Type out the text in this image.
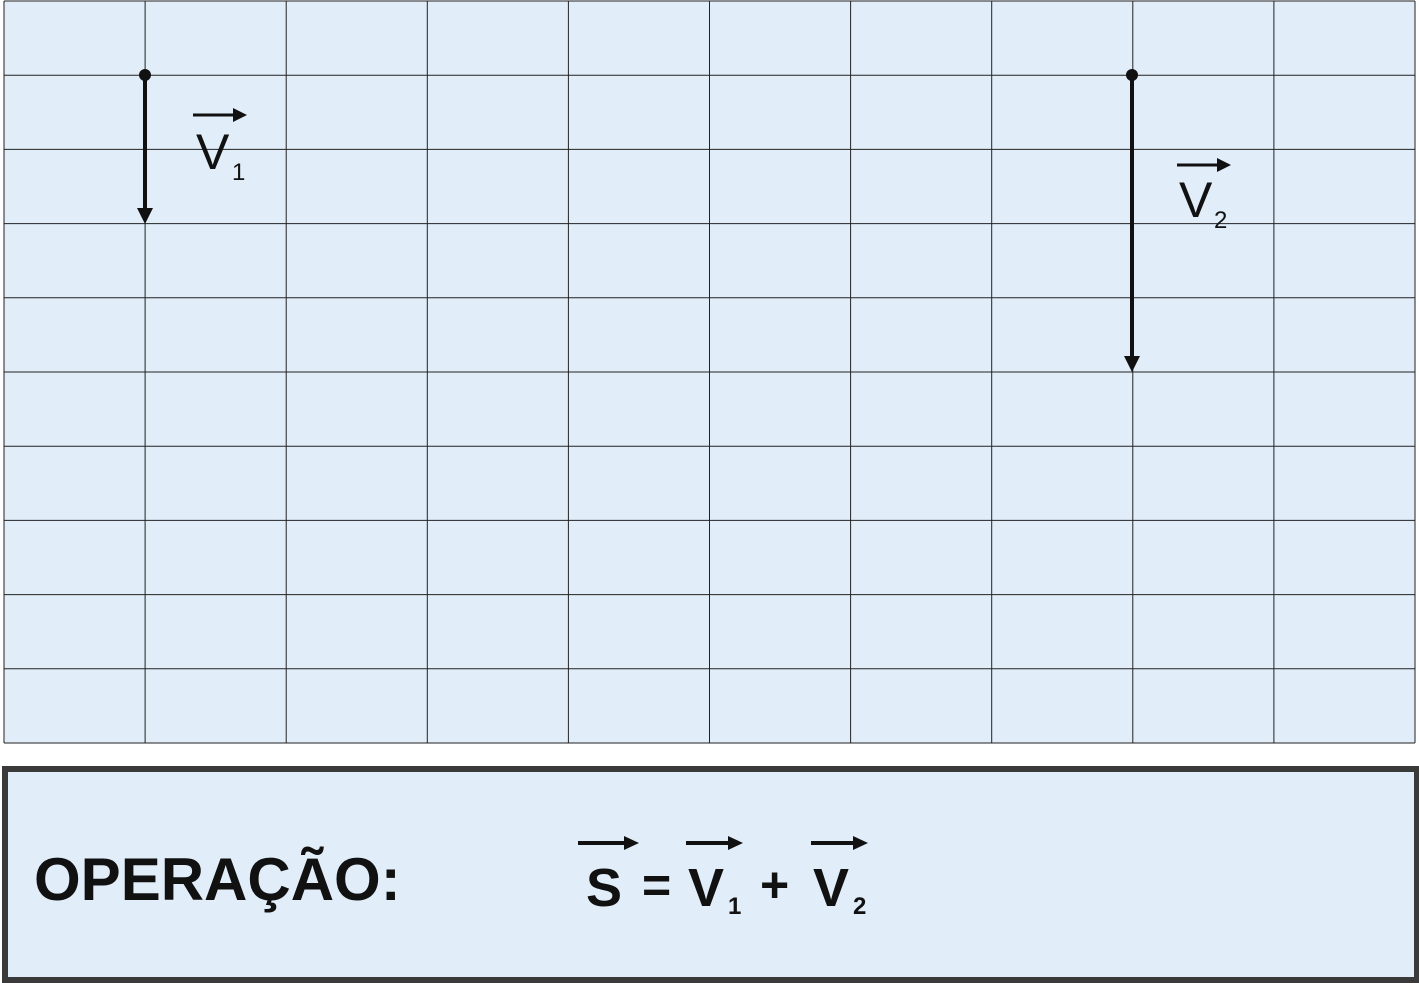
V 1	V 2
OPERAÇÃO:	S = V 1 + V 2
